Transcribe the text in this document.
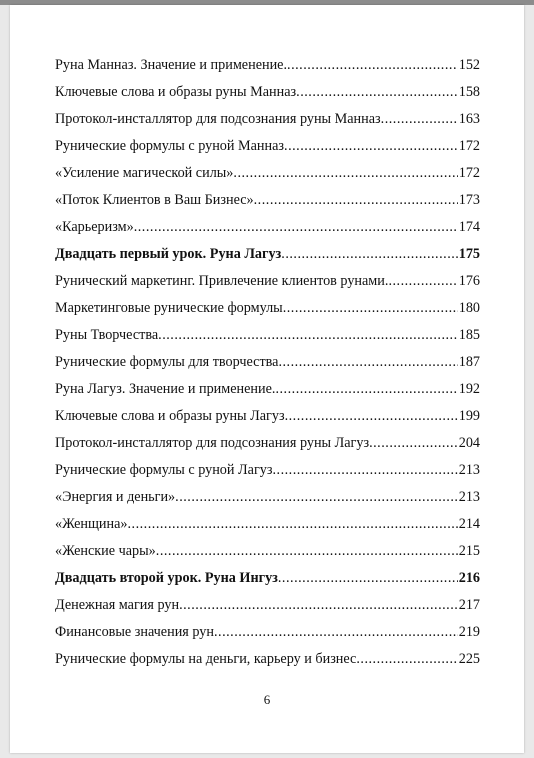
Руна Манназ. Значение и применение. .....	152
Ключевые слова и образы руны Манназ .....	158
Протокол-инсталлятор для подсознания руны Манназ .....	163
Рунические формулы с руной Манназ .....	172
«Усиление магической силы» .....	172
«Поток Клиентов в Ваш Бизнес» .....	173
«Карьеризм» .....	174
Двадцать первый урок. Руна Лагуз .....	175
Рунический маркетинг. Привлечение клиентов рунами. .....	176
Маркетинговые рунические формулы .....	180
Руны Творчества .....	185
Рунические формулы для творчества .....	187
Руна Лагуз. Значение и применение. .....	192
Ключевые слова и образы руны Лагуз .....	199
Протокол-инсталлятор для подсознания руны Лагуз .....	204
Рунические формулы с руной Лагуз .....	213
«Энергия и деньги» .....	213
«Женщина» .....	214
«Женские чары» .....	215
Двадцать второй урок. Руна Ингуз .....	216
Денежная магия рун .....	217
Финансовые значения рун .....	219
Рунические формулы на деньги, карьеру и бизнес .....	225
6
